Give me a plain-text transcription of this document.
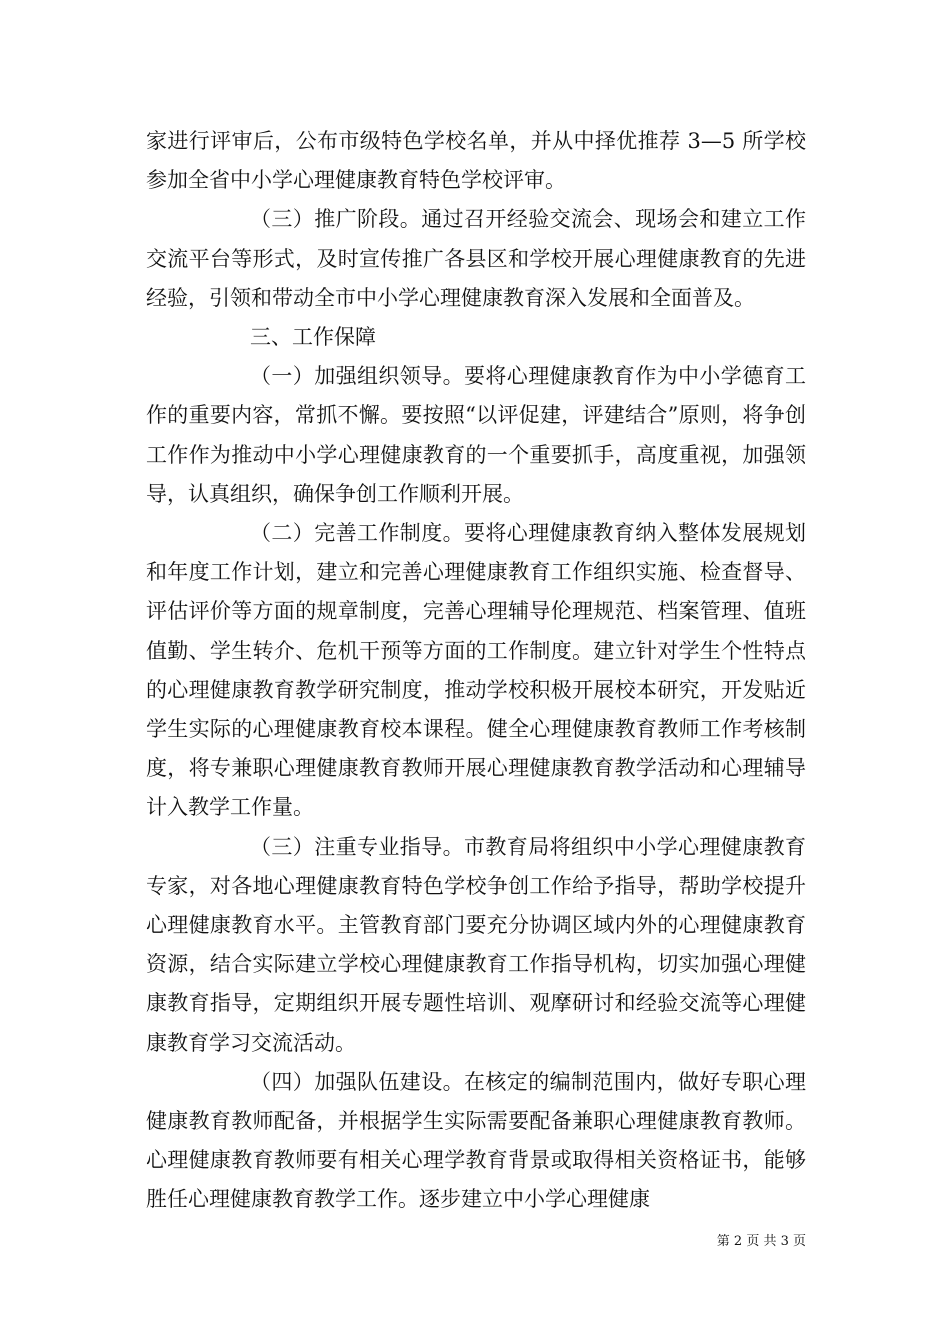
家进行评审后，公布市级特色学校名单，并从中择优推荐 3—5 所学校参加全省中小学心理健康教育特色学校评审。

（三）推广阶段。通过召开经验交流会、现场会和建立工作交流平台等形式，及时宣传推广各县区和学校开展心理健康教育的先进经验，引领和带动全市中小学心理健康教育深入发展和全面普及。

三、工作保障

（一）加强组织领导。要将心理健康教育作为中小学德育工作的重要内容，常抓不懈。要按照“以评促建，评建结合”原则，将争创工作作为推动中小学心理健康教育的一个重要抓手，高度重视，加强领导，认真组织，确保争创工作顺利开展。

（二）完善工作制度。要将心理健康教育纳入整体发展规划和年度工作计划，建立和完善心理健康教育工作组织实施、检查督导、评估评价等方面的规章制度，完善心理辅导伦理规范、档案管理、值班值勤、学生转介、危机干预等方面的工作制度。建立针对学生个性特点的心理健康教育教学研究制度，推动学校积极开展校本研究，开发贴近学生实际的心理健康教育校本课程。健全心理健康教育教师工作考核制度，将专兼职心理健康教育教师开展心理健康教育教学活动和心理辅导计入教学工作量。

（三）注重专业指导。市教育局将组织中小学心理健康教育专家，对各地心理健康教育特色学校争创工作给予指导，帮助学校提升心理健康教育水平。主管教育部门要充分协调区域内外的心理健康教育资源，结合实际建立学校心理健康教育工作指导机构，切实加强心理健康教育指导，定期组织开展专题性培训、观摩研讨和经验交流等心理健康教育学习交流活动。

（四）加强队伍建设。在核定的编制范围内，做好专职心理健康教育教师配备，并根据学生实际需要配备兼职心理健康教育教师。心理健康教育教师要有相关心理学教育背景或取得相关资格证书，能够胜任心理健康教育教学工作。逐步建立中小学心理健康

第 2 页 共 3 页
